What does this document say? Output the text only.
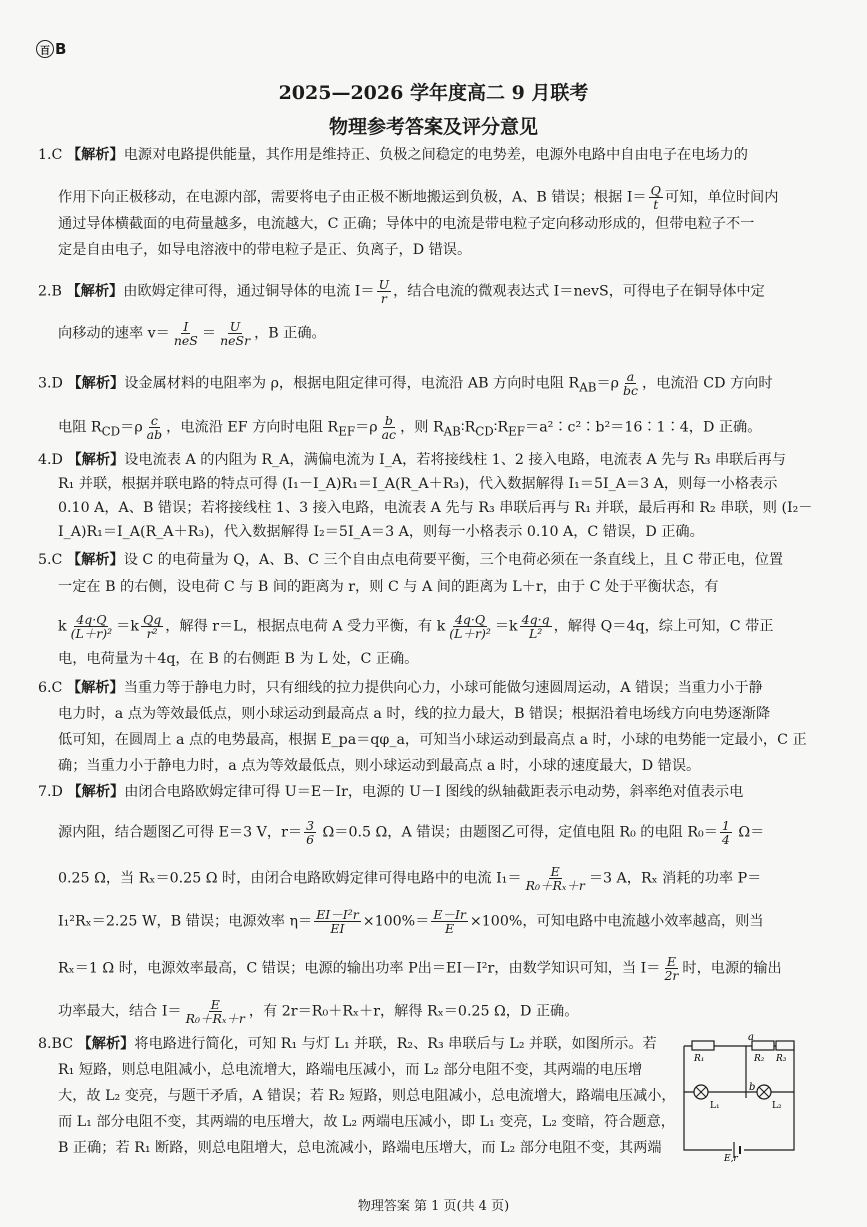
百 B
2025—2026 学年度高二 9 月联考
物理参考答案及评分意见
1.C 【解析】电源对电路提供能量，其作用是维持正、负极之间稳定的电势差，电源外电路中自由电子在电场力的
作用下向正极移动，在电源内部，需要将电子由正极不断地搬运到负极，A、B 错误；根据 $I= \frac{Q}{t}$ 可知，单位时间内
通过导体横截面的电荷量越多，电流越大，C 正确；导体中的电流是带电粒子定向移动形成的，但带电粒子不一
定是自由电子，如导电溶液中的带电粒子是正、负离子，D 错误。
2.B 【解析】由欧姆定律可得，通过铜导体的电流 $I= \frac{U}{r}$ ，结合电流的微观表达式 I＝nevS，可得电子在铜导体中定
向移动的速率 $v= \frac{I}{\text{neS}} = \frac{U}{\text{neSr}}$ ，B 正确。
3.D 【解析】设金属材料的电阻率为 ρ，根据电阻定律可得，电流沿 AB 方向时电阻 $R_{AB}=\rho \frac{a}{bc}$ ，电流沿 CD 方向时
电阻 $R_{CD}=\rho \frac{c}{ab}$ ，电流沿 EF 方向时电阻 $R_{EF}=\rho \frac{b}{ac}$ ，则 $R_{AB}∶R_{CD}∶R_{EF}=a^2∶c^2∶b^2=16∶1∶4$，D 正确。
4.D 【解析】设电流表 A 的内阻为 R_A，满偏电流为 I_A，若将接线柱 1、2 接入电路，电流表 A 先与 R₃ 串联后再与
R₁ 并联，根据并联电路的特点可得 (I₁－I_A)R₁＝I_A(R_A＋R₃)，代入数据解得 I₁＝5I_A＝3 A，则每一小格表示
0.10 A，A、B 错误；若将接线柱 1、3 接入电路，电流表 A 先与 R₃ 串联后再与 R₁ 并联，最后再和 R₂ 串联，则 (I₂－
I_A)R₁＝I_A(R_A＋R₃)，代入数据解得 I₂＝5I_A＝3 A，则每一小格表示 0.10 A，C 错误，D 正确。
5.C 【解析】设 C 的电荷量为 Q，A、B、C 三个自由点电荷要平衡，三个电荷必须在一条直线上，且 C 带正电，位置
一定在 B 的右侧，设电荷 C 与 B 间的距离为 r，则 C 与 A 间的距离为 L＋r，由于 C 处于平衡状态，有
k $\frac{4q\cdot Q}{\text{(L＋r)²}} =k \frac{Qq}{\text{r²}}$ ，解得 r＝L，根据点电荷 A 受力平衡，有 k $\frac{4q\cdot Q}{\text{(L＋r)²}} =k \frac{4q\cdot q}{\text{L²}}$ ，解得 Q＝4q，综上可知，C 带正
电，电荷量为＋4q，在 B 的右侧距 B 为 L 处，C 正确。
6.C 【解析】当重力等于静电力时，只有细线的拉力提供向心力，小球可能做匀速圆周运动，A 错误；当重力小于静
电力时，a 点为等效最低点，则小球运动到最高点 a 时，线的拉力最大，B 错误；根据沿着电场线方向电势逐渐降
低可知，在圆周上 a 点的电势最高，根据 E_pa＝qφ_a，可知当小球运动到最高点 a 时，小球的电势能一定最小，C 正
确；当重力小于静电力时，a 点为等效最低点，则小球运动到最高点 a 时，小球的速度最大，D 错误。
7.D 【解析】由闭合电路欧姆定律可得 U＝E－Ir，电源的 U－I 图线的纵轴截距表示电动势，斜率绝对值表示电
源内阻，结合题图乙可得 E＝3 V，$r= \frac{3}{6} \Omega=0.5$ Ω，A 错误；由题图乙可得，定值电阻 R₀ 的电阻 $R_0= \frac{1}{4} \Omega=$
0.25 Ω，当 Rₓ＝0.25 Ω 时，由闭合电路欧姆定律可得电路中的电流 $I_1= \frac{E}{\text{R₀＋Rₓ＋r}} =3$ A，Rₓ 消耗的功率 P＝
I₁²Rₓ＝2.25 W，B 错误；电源效率 $\eta= \frac{\text{EI－I²r}}{EI} \times 100\%= \frac{E-Ir}{E} \times 100\%$，可知电路中电流越小效率越高，则当
Rₓ＝1 Ω 时，电源效率最高，C 错误；电源的输出功率 P出＝EI－I²r，由数学知识可知，当 $I= \frac{E}{2r}$ 时，电源的输出
功率最大，结合 $I= \frac{E}{\text{R₀＋Rₓ＋r}}$ ，有 2r＝R₀＋Rₓ＋r，解得 Rₓ＝0.25 Ω，D 正确。
8.BC 【解析】将电路进行简化，可知 R₁ 与灯 L₁ 并联，R₂、R₃ 串联后与 L₂ 并联，如图所示。若
R₁ 短路，则总电阻减小，总电流增大，路端电压减小，而 L₂ 部分电阻不变，其两端的电压增
大，故 L₂ 变亮，与题干矛盾，A 错误；若 R₂ 短路，则总电阻减小，总电流增大，路端电压减小，
而 L₁ 部分电阻不变，其两端的电压增大，故 L₂ 两端电压减小，即 L₁ 变亮，L₂ 变暗，符合题意，
B 正确；若 R₁ 断路，则总电阻增大，总电流减小，路端电压增大，而 L₂ 部分电阻不变，其两端
a
b
R₁	R₂ R₃
L₁	L₂
E,r
物理答案 第 1 页(共 4 页)
